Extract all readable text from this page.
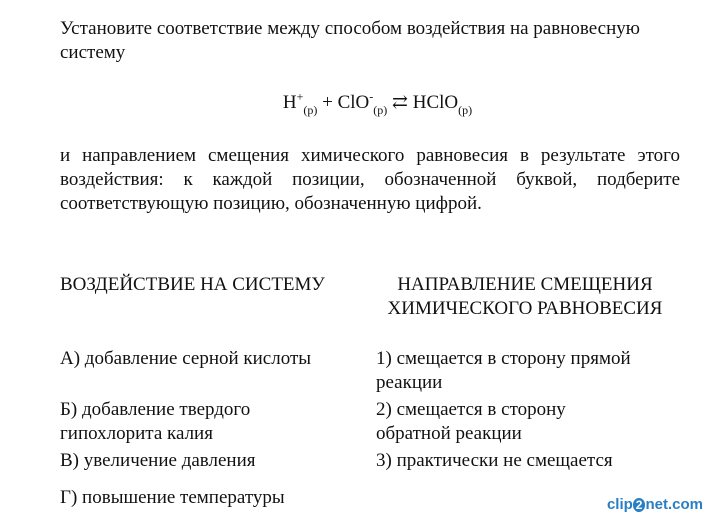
Установите соответствие между способом воздействия на равновесную систему
$H^+_{(р)} + ClO^-_{(р)}$ ⇄ HClO$_{(р)}$
и направлением смещения химического равновесия в результате этого воздействия: к каждой позиции, обозначенной буквой, подберите соответствующую позицию, обозначенную цифрой.
ВОЗДЕЙСТВИЕ НА СИСТЕМУ	НАПРАВЛЕНИЕ СМЕЩЕНИЯ ХИМИЧЕСКОГО РАВНОВЕСИЯ
А) добавление серной кислоты
Б) добавление твердого гипохлорита калия
В) увеличение давления
Г) повышение температуры
1) смещается в сторону прямой реакции
2) смещается в сторону обратной реакции
3) практически не смещается
clip 2 net.com
